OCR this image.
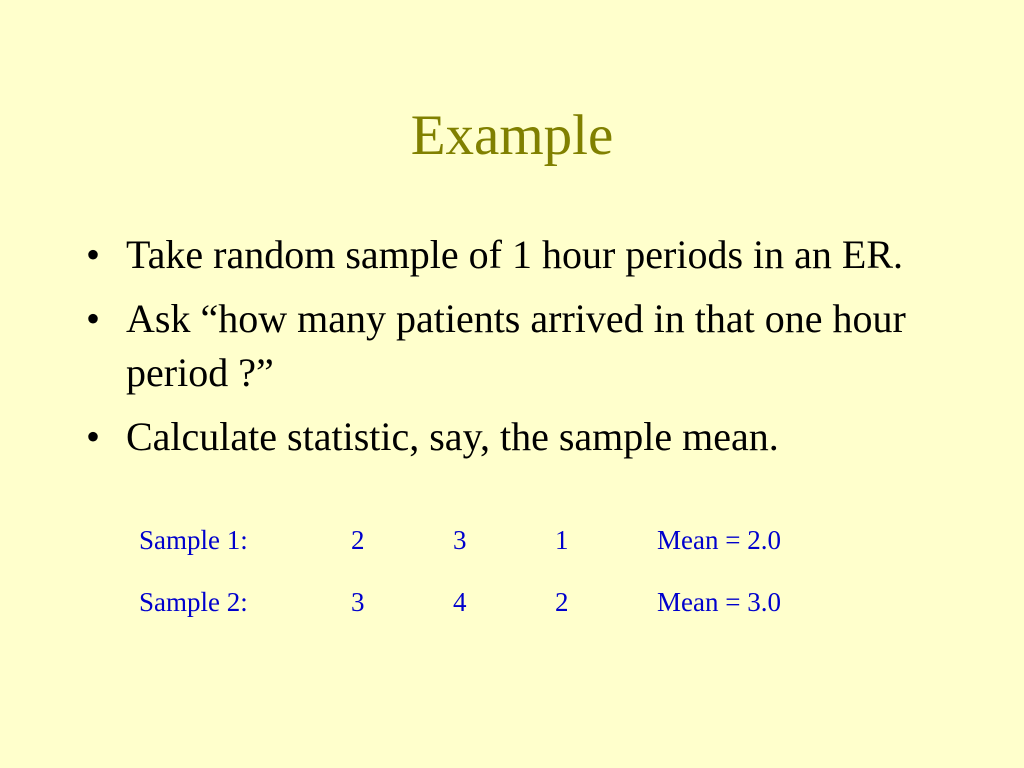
Example
• Take random sample of 1 hour periods in an ER.
• Ask “how many patients arrived in that one hour period ?”
• Calculate statistic, say, the sample mean.
Sample 1:	2	3	1	Mean = 2.0
Sample 2:	3	4	2	Mean = 3.0
